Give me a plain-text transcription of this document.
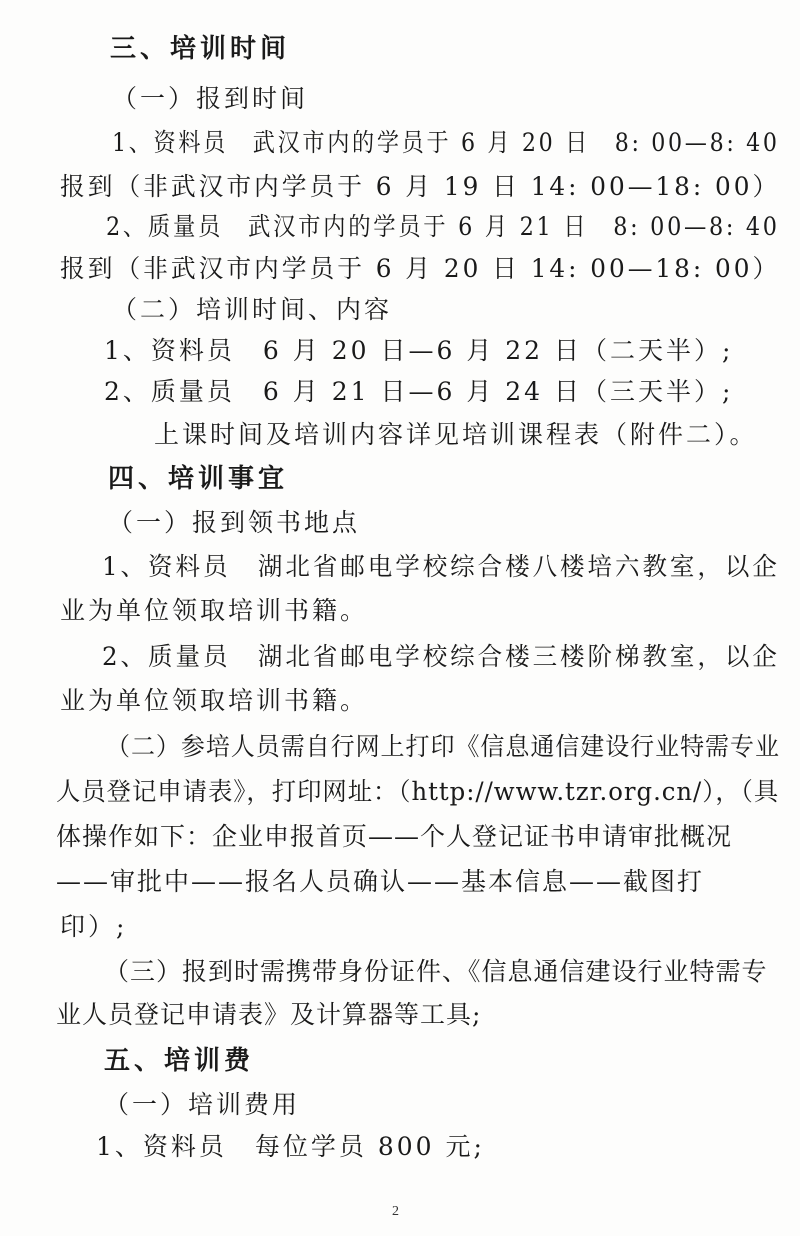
三、培训时间
（一）报到时间
1、资料员　武汉市内的学员于 6 月 20 日　8: 00—8: 40
报到（非武汉市内学员于 6 月 19 日 14: 00—18: 00）
2、质量员　武汉市内的学员于 6 月 21 日　8: 00—8: 40
报到（非武汉市内学员于 6 月 20 日 14: 00—18: 00）
（二）培训时间、内容
1、资料员　6 月 20 日—6 月 22 日（二天半）;
2、质量员　6 月 21 日—6 月 24 日（三天半）;
上课时间及培训内容详见培训课程表（附件二）。
四、培训事宜
（一）报到领书地点
1、资料员　湖北省邮电学校综合楼八楼培六教室，以企
业为单位领取培训书籍。
2、质量员　湖北省邮电学校综合楼三楼阶梯教室，以企
业为单位领取培训书籍。
（二）参培人员需自行网上打印《信息通信建设行业特需专业
人员登记申请表》，打印网址：（http://www.tzr.org.cn/），（具
体操作如下：企业申报首页——个人登记证书申请审批概况
——审批中——报名人员确认——基本信息——截图打
印）;
（三）报到时需携带身份证件、《信息通信建设行业特需专
业人员登记申请表》及计算器等工具;
五、培训费
（一）培训费用
1、资料员　每位学员 800 元;
2
